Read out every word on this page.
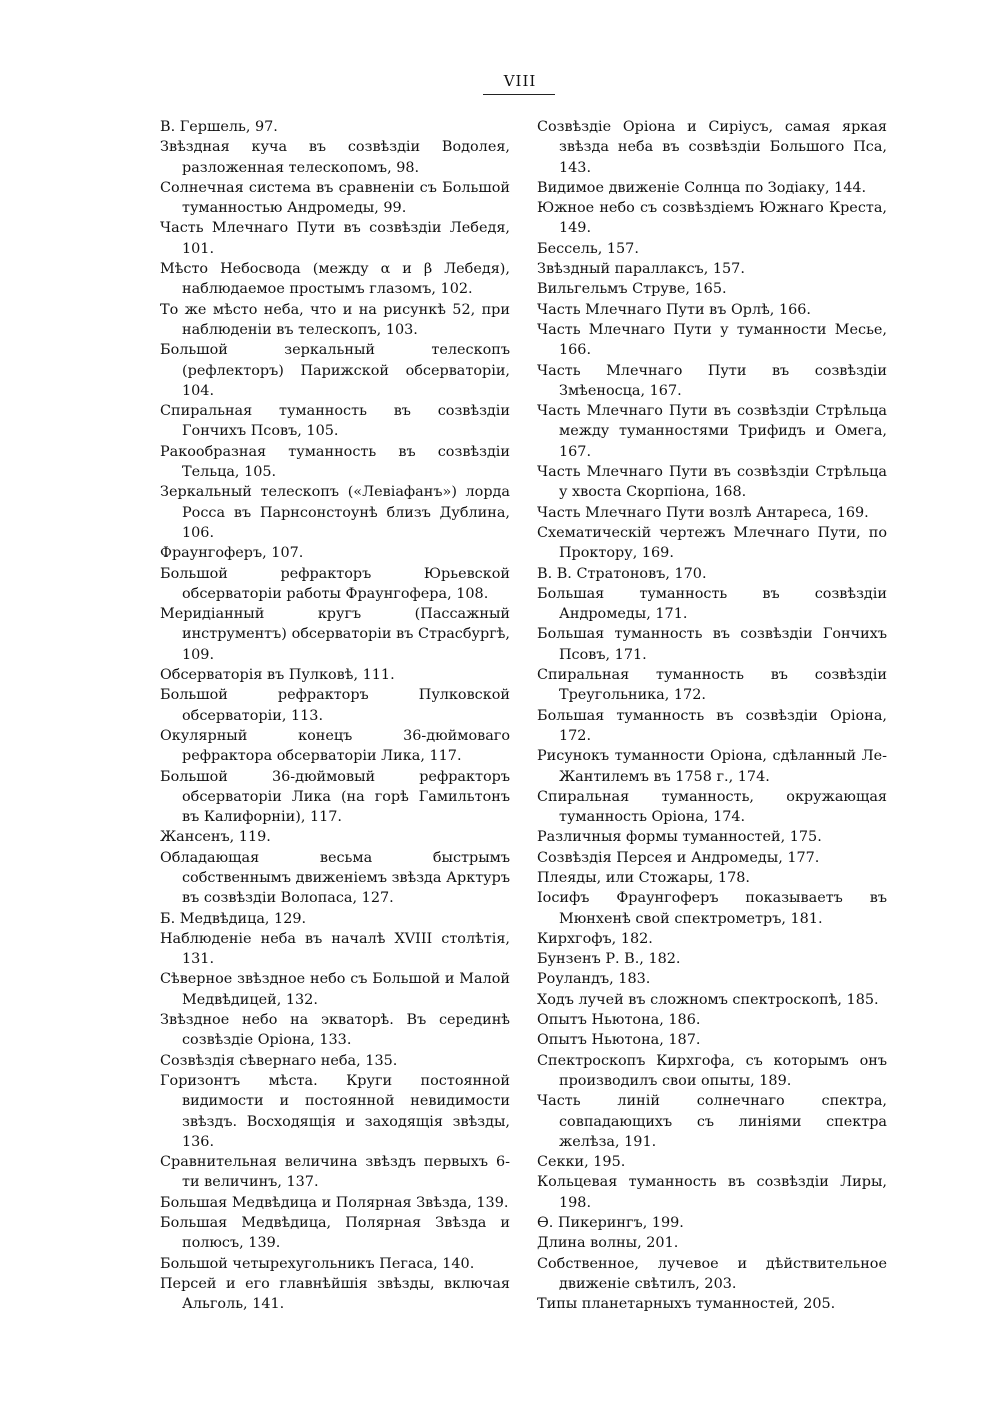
VIII

В. Гершель, 97.

Звѣздная куча въ созвѣздіи Водолея, разложенная телескопомъ, 98.

Солнечная система въ сравненіи съ Большой туманностью Андромеды, 99.

Часть Млечнаго Пути въ созвѣздіи Лебедя, 101.

Мѣсто Небосвода (между α и β Лебедя), наблюдаемое простымъ глазомъ, 102.

То же мѣсто неба, что и на рисункѣ 52, при наблюденіи въ телескопъ, 103.

Большой зеркальный телескопъ (рефлекторъ) Парижской обсерваторіи, 104.

Спиральная туманность въ созвѣздіи Гончихъ Псовъ, 105.

Ракообразная туманность въ созвѣздіи Тельца, 105.

Зеркальный телескопъ («Левіафанъ») лорда Росса въ Парнсонстоунѣ близъ Дублина, 106.

Фраунгоферъ, 107.

Большой рефракторъ Юрьевской обсерваторіи работы Фраунгофера, 108.

Меридіанный кругъ (Пассажный инструментъ) обсерваторіи въ Страсбургѣ, 109.

Обсерваторія въ Пулковѣ, 111.

Большой рефракторъ Пулковской обсерваторіи, 113.

Окулярный конецъ 36-дюймоваго рефрактора обсерваторіи Лика, 117.

Большой 36-дюймовый рефракторъ обсерваторіи Лика (на горѣ Гамильтонъ въ Калифорніи), 117.

Жансенъ, 119.

Обладающая весьма быстрымъ собственнымъ движеніемъ звѣзда Арктуръ въ созвѣздіи Волопаса, 127.

Б. Медвѣдица, 129.

Наблюденіе неба въ началѣ XVIII столѣтія, 131.

Сѣверное звѣздное небо съ Большой и Малой Медвѣдицей, 132.

Звѣздное небо на экваторѣ. Въ серединѣ созвѣздіе Оріона, 133.

Созвѣздія сѣвернаго неба, 135.

Горизонтъ мѣста. Круги постоянной видимости и постоянной невидимости звѣздъ. Восходящія и заходящія звѣзды, 136.

Сравнительная величина звѣздъ первыхъ 6-ти величинъ, 137.

Большая Медвѣдица и Полярная Звѣзда, 139.

Большая Медвѣдица, Полярная Звѣзда и полюсъ, 139.

Большой четырехугольникъ Пегаса, 140.

Персей и его главнѣйшія звѣзды, включая Альголь, 141.

Созвѣздіе Оріона и Сиріусъ, самая яркая звѣзда неба въ созвѣздіи Большого Пса, 143.

Видимое движеніе Солнца по Зодіаку, 144.

Южное небо съ созвѣздіемъ Южнаго Креста, 149.

Бессель, 157.

Звѣздный параллаксъ, 157.

Вильгельмъ Струве, 165.

Часть Млечнаго Пути въ Орлѣ, 166.

Часть Млечнаго Пути у туманности Месье, 166.

Часть Млечнаго Пути въ созвѣздіи Змѣеносца, 167.

Часть Млечнаго Пути въ созвѣздіи Стрѣльца между туманностями Трифидъ и Омега, 167.

Часть Млечнаго Пути въ созвѣздіи Стрѣльца у хвоста Скорпіона, 168.

Часть Млечнаго Пути возлѣ Антареса, 169.

Схематическій чертежъ Млечнаго Пути, по Проктору, 169.

В. В. Стратоновъ, 170.

Большая туманность въ созвѣздіи Андромеды, 171.

Большая туманность въ созвѣздіи Гончихъ Псовъ, 171.

Спиральная туманность въ созвѣздіи Треугольника, 172.

Большая туманность въ созвѣздіи Оріона, 172.

Рисунокъ туманности Оріона, сдѣланный Ле-Жантилемъ въ 1758 г., 174.

Спиральная туманность, окружающая туманность Оріона, 174.

Различныя формы туманностей, 175.

Созвѣздія Персея и Андромеды, 177.

Плеяды, или Стожары, 178.

Іосифъ Фраунгоферъ показываетъ въ Мюнхенѣ свой спектрометръ, 181.

Кирхгофъ, 182.

Бунзенъ Р. В., 182.

Роуландъ, 183.

Ходъ лучей въ сложномъ спектроскопѣ, 185.

Опытъ Ньютона, 186.

Опытъ Ньютона, 187.

Спектроскопъ Кирхгофа, съ которымъ онъ производилъ свои опыты, 189.

Часть линій солнечнаго спектра, совпадающихъ съ линіями спектра желѣза, 191.

Секки, 195.

Кольцевая туманность въ созвѣздіи Лиры, 198.

Ѳ. Пикерингъ, 199.

Длина волны, 201.

Собственное, лучевое и дѣйствительное движеніе свѣтилъ, 203.

Типы планетарныхъ туманностей, 205.
